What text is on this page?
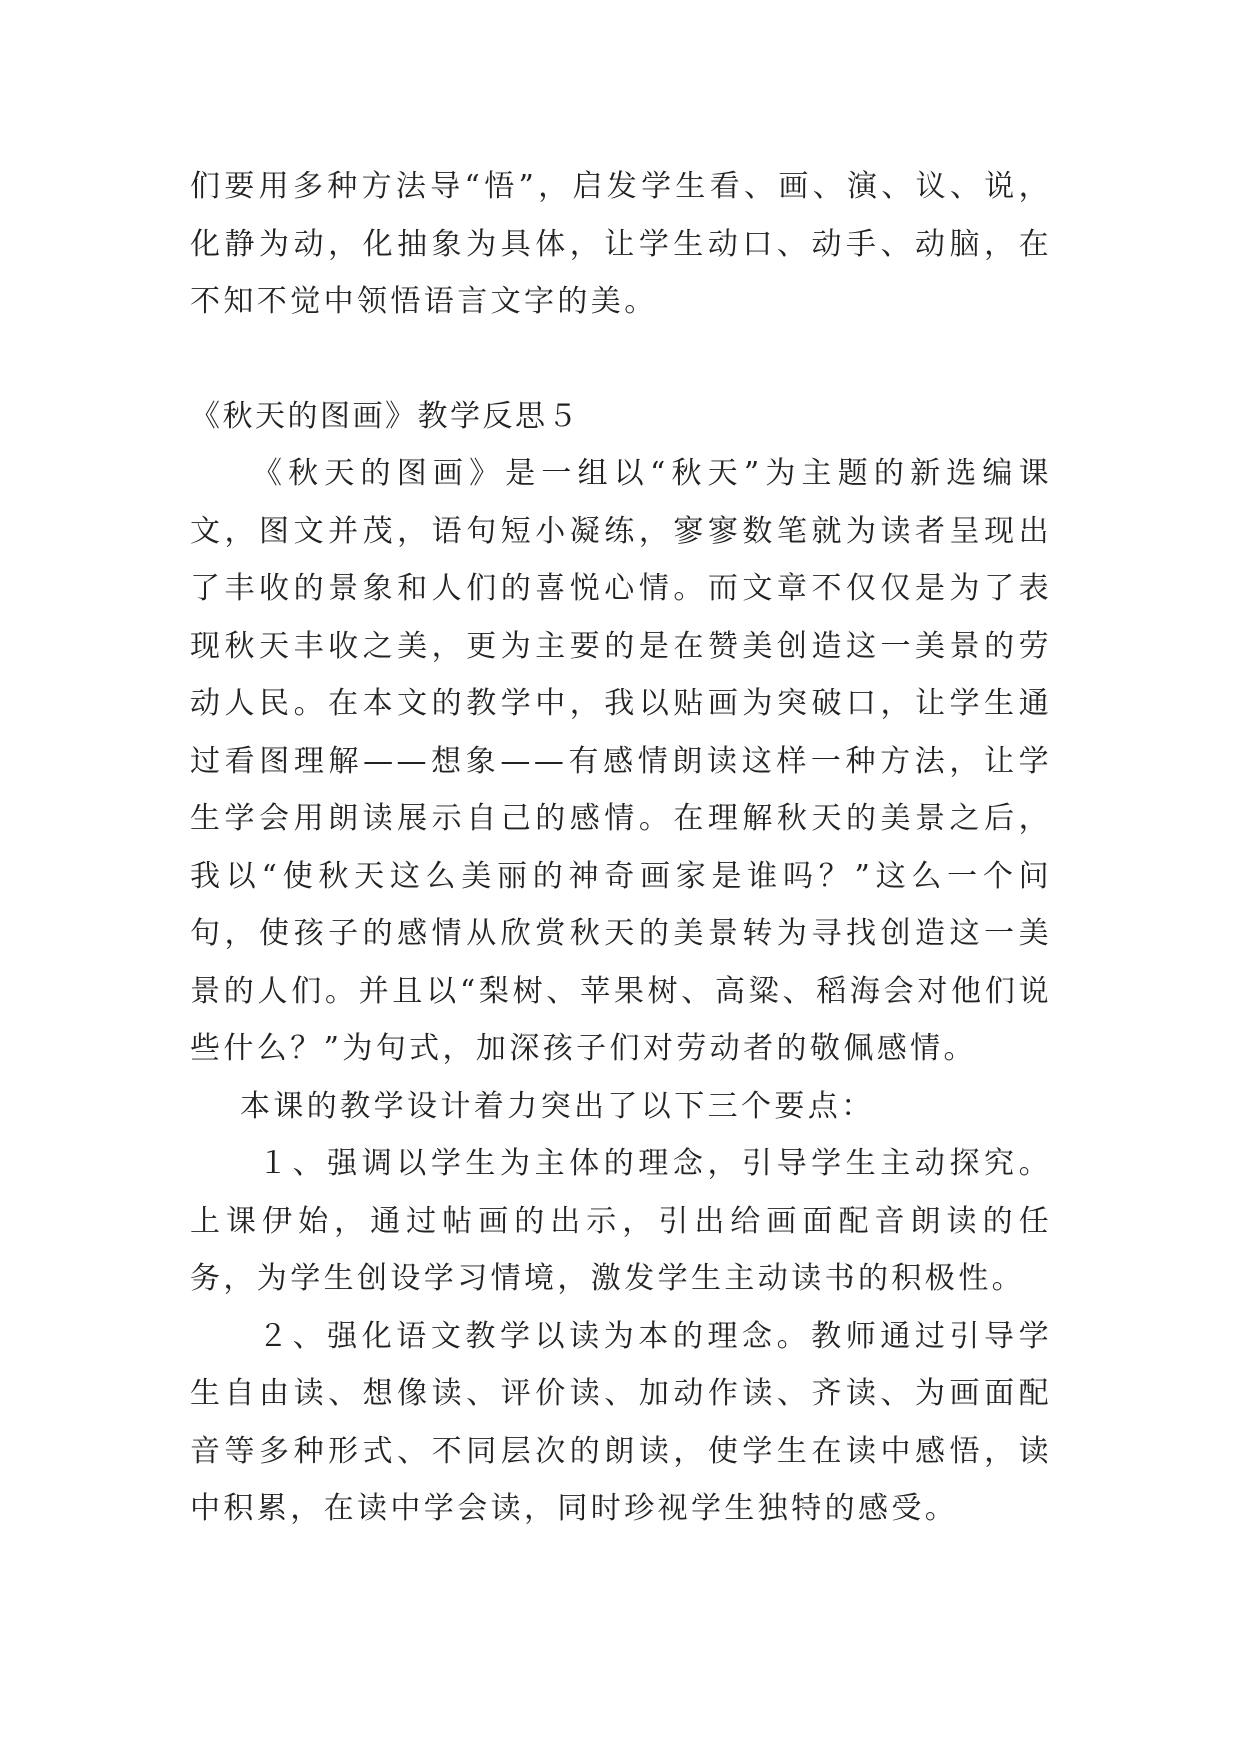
们要用多种方法导“悟”，启发学生看、画、演、议、说，化静为动，化抽象为具体，让学生动口、动手、动脑，在不知不觉中领悟语言文字的美。

《秋天的图画》教学反思５

《秋天的图画》是一组以“秋天”为主题的新选编课文，图文并茂，语句短小凝练，寥寥数笔就为读者呈现出了丰收的景象和人们的喜悦心情。而文章不仅仅是为了表现秋天丰收之美，更为主要的是在赞美创造这一美景的劳动人民。在本文的教学中，我以贴画为突破口，让学生通过看图理解——想象——有感情朗读这样一种方法，让学生学会用朗读展示自己的感情。在理解秋天的美景之后，我以“使秋天这么美丽的神奇画家是谁吗？”这么一个问句，使孩子的感情从欣赏秋天的美景转为寻找创造这一美景的人们。并且以“梨树、苹果树、高粱、稻海会对他们说些什么？”为句式，加深孩子们对劳动者的敬佩感情。

本课的教学设计着力突出了以下三个要点：

１、强调以学生为主体的理念，引导学生主动探究。上课伊始，通过帖画的出示，引出给画面配音朗读的任务，为学生创设学习情境，激发学生主动读书的积极性。

２、强化语文教学以读为本的理念。教师通过引导学生自由读、想像读、评价读、加动作读、齐读、为画面配音等多种形式、不同层次的朗读，使学生在读中感悟，读中积累，在读中学会读，同时珍视学生独特的感受。
